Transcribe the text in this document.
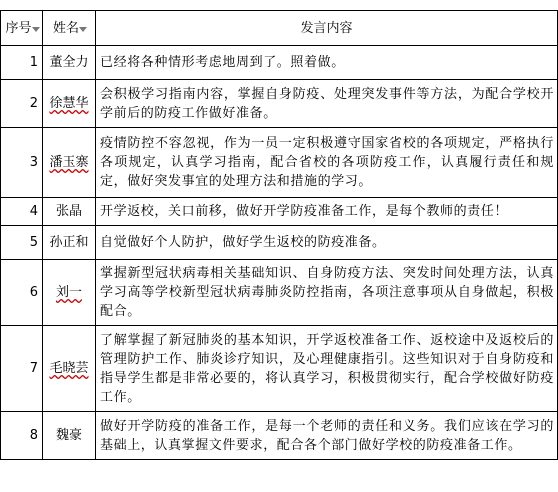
序号	姓名	发言内容
1	董全力	已经将各种情形考虑地周到了。照着做。
2	徐慧华	会积极学习指南内容，掌握自身防疫、处理突发事件等方法，为配合学校开学前后的防疫工作做好准备。
3	潘玉寨	疫情防控不容忽视，作为一员一定积极遵守国家省校的各项规定，严格执行各项规定，认真学习指南，配合省校的各项防疫工作，认真履行责任和规定，做好突发事宜的处理方法和措施的学习。
4	张晶	开学返校，关口前移，做好开学防疫准备工作，是每个教师的责任！
5	孙正和	自觉做好个人防护，做好学生返校的防疫准备。
6	刘一	掌握新型冠状病毒相关基础知识、自身防疫方法、突发时间处理方法，认真学习高等学校新型冠状病毒肺炎防控指南，各项注意事项从自身做起，积极配合。
7	毛晓芸	了解掌握了新冠肺炎的基本知识，开学返校准备工作、返校途中及返校后的管理防护工作、肺炎诊疗知识，及心理健康指引。这些知识对于自身防疫和指导学生都是非常必要的，将认真学习，积极贯彻实行，配合学校做好防疫工作。
8	魏豪	做好开学防疫的准备工作，是每一个老师的责任和义务。我们应该在学习的基础上，认真掌握文件要求，配合各个部门做好学校的防疫准备工作。
